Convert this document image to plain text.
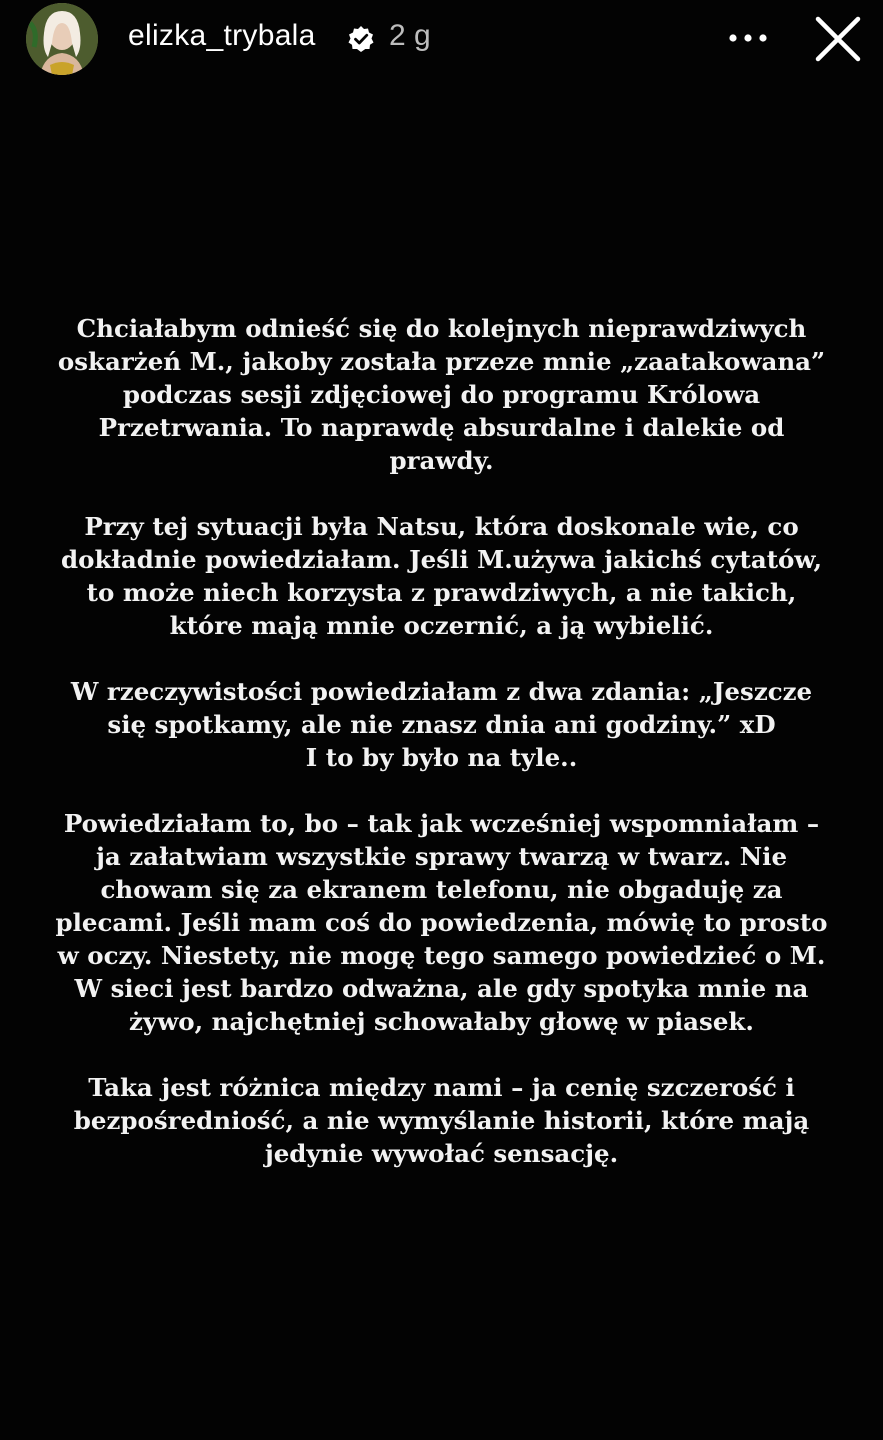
elizka_trybala 2 g
Chciałabym odnieść się do kolejnych nieprawdziwych
oskarżeń M., jakoby została przeze mnie „zaatakowana”
podczas sesji zdjęciowej do programu Królowa
Przetrwania. To naprawdę absurdalne i dalekie od
prawdy.
Przy tej sytuacji była Natsu, która doskonale wie, co
dokładnie powiedziałam. Jeśli M.używa jakichś cytatów,
to może niech korzysta z prawdziwych, a nie takich,
które mają mnie oczernić, a ją wybielić.
W rzeczywistości powiedziałam z dwa zdania: „Jeszcze
się spotkamy, ale nie znasz dnia ani godziny.” xD
I to by było na tyle..
Powiedziałam to, bo – tak jak wcześniej wspomniałam –
ja załatwiam wszystkie sprawy twarzą w twarz. Nie
chowam się za ekranem telefonu, nie obgaduję za
plecami. Jeśli mam coś do powiedzenia, mówię to prosto
w oczy. Niestety, nie mogę tego samego powiedzieć o M.
W sieci jest bardzo odważna, ale gdy spotyka mnie na
żywo, najchętniej schowałaby głowę w piasek.
Taka jest różnica między nami – ja cenię szczerość i
bezpośredniość, a nie wymyślanie historii, które mają
jedynie wywołać sensację.
